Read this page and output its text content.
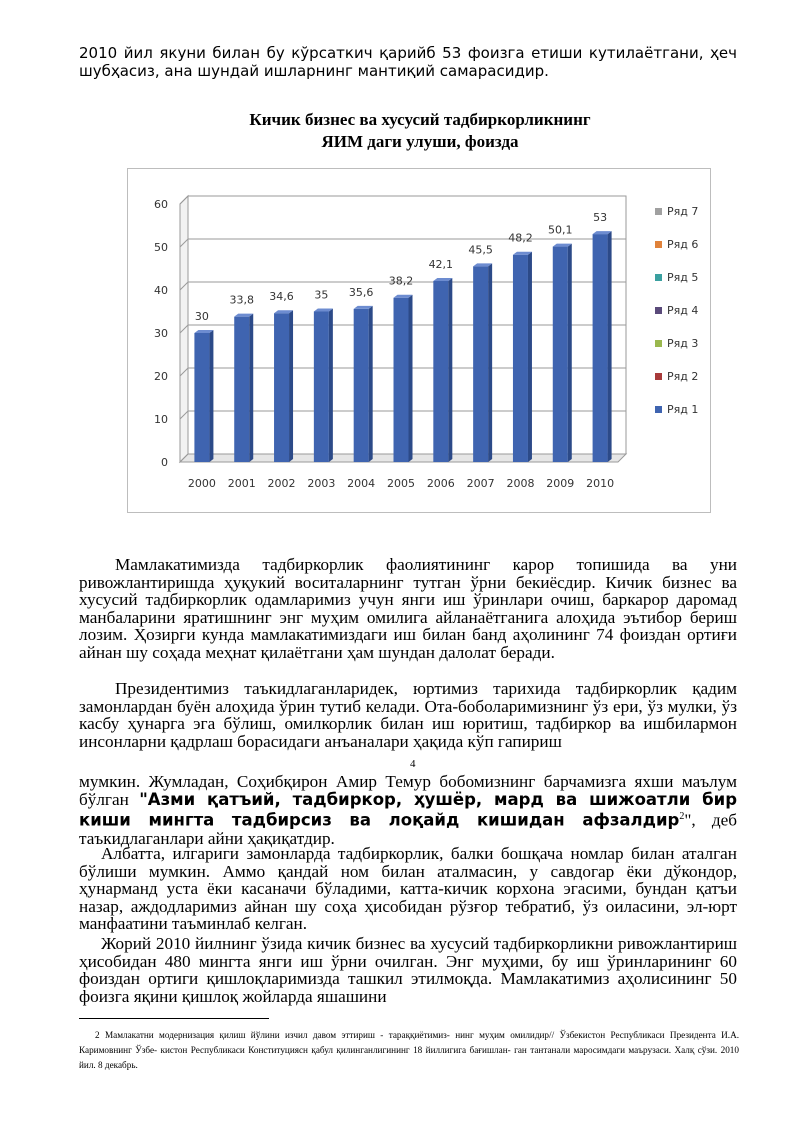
2010 йил якуни билан бу кўрсаткич қарийб 53 фоизга етиши кутилаётгани, ҳеч шубҳасиз, ана шундай ишларнинг мантиқий самарасидир.

Кичик бизнес ва хусусий тадбиркорликнинг
ЯИМ даги улуши, фоизда
0
10
20
30
40
50
60
30
2000
33,8
2001
34,6
2002
35
2003
35,6
2004
38,2
2005
42,1
2006
45,5
2007
48,2
2008
50,1
2009
53
2010
Ряд 7
Ряд 6
Ряд 5
Ряд 4
Ряд 3
Ряд 2
Ряд 1

Мамлакатимизда тадбиркорлик фаолиятининг карор топишида ва уни ривожлантиришда ҳуқукий воситаларнинг тутган ўрни бекиёсдир. Кичик бизнес ва хусусий тадбиркорлик одамларимиз учун янги иш ўринлари очиш, баркарор даромад манбаларини яратишнинг энг муҳим омилига айланаётганига алоҳида эътибор бериш лозим. Ҳозирги кунда мамлакатимиздаги иш билан банд аҳолининг 74 фоиздан ортиғи айнан шу соҳада меҳнат қилаётгани ҳам шундан далолат беради.

Президентимиз таъкидлаганларидек, юртимиз тарихида тадбиркорлик қадим замонлардан буён алоҳида ўрин тутиб келади. Ота-боболаримизнинг ўз ери, ўз мулки, ўз касбу ҳунарга эга бўлиш, омилкорлик билан иш юритиш, тадбиркор ва ишбилармон инсонларни қадрлаш борасидаги анъаналари ҳақида кўп гапириш

4

мумкин. Жумладан, Соҳибқирон Амир Темур бобомизнинг барчамизга яхши маълум бўлган "Азми қатъий, тадбиркор, ҳушёр, мард ва шижоатли бир киши мингта тадбирсиз ва лоқайд кишидан афзалдир$^2$", деб таъкидлаганлари айни ҳақиқатдир.

Албатта, илгариги замонларда тадбиркорлик, балки бошқача номлар билан аталган бўлиши мумкин. Аммо қандай ном билан аталмасин, у савдогар ёки дўкондор, ҳунарманд уста ёки касаначи бўладими, катта-кичик корхона эгасими, бундан қатъи назар, аждодларимиз айнан шу соҳа ҳисобидан рўзғор тебратиб, ўз оиласини, эл-юрт манфаатини таъминлаб келган.

Жорий 2010 йилнинг ўзида кичик бизнес ва хусусий тадбиркорликни ривожлантириш ҳисобидан 480 мингта янги иш ўрни очилган. Энг муҳими, бу иш ўринларининг 60 фоиздан ортиги қишлоқларимизда ташкил этилмоқда. Мамлакатимиз аҳолисининг 50 фоизга яқини қишлоқ жойларда яшашини

2 Мамлакатни модернизация қилиш йўлини изчил давом эттириш - тараққиётимиз- нинг муҳим омилидир// Ўзбекистон Республикаси Президента И.А. Каримовнинг Ўзбе- кистон Республикаси Конституциясн қабул қилинганлигининг 18 йиллигига бағишлан- ган тантанали маросимдаги маърузаси. Халқ сўзи. 2010 йил. 8 декабрь.
